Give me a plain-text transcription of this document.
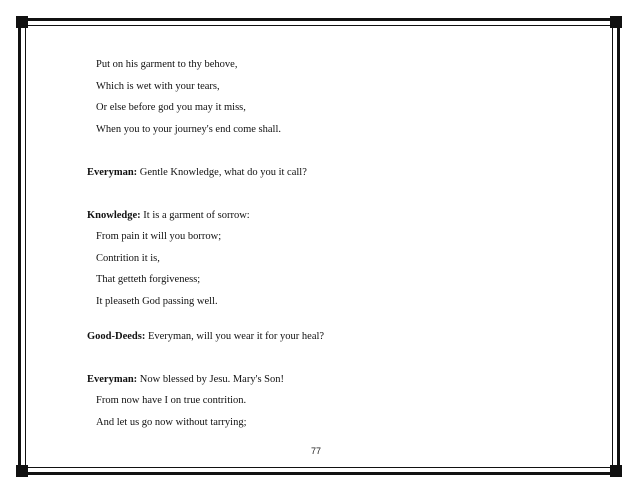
Put on his garment to thy behove,
Which is wet with your tears,
Or else before god you may it miss,
When you to your journey's end come shall.
Everyman: Gentle Knowledge, what do you it call?
Knowledge: It is a garment of sorrow:
From pain it will you borrow;
Contrition it is,
That getteth forgiveness;
It pleaseth God passing well.
Good-Deeds: Everyman, will you wear it for your heal?
Everyman: Now blessed by Jesu. Mary's Son!
From now have I on true contrition.
And let us go now without tarrying;
77
